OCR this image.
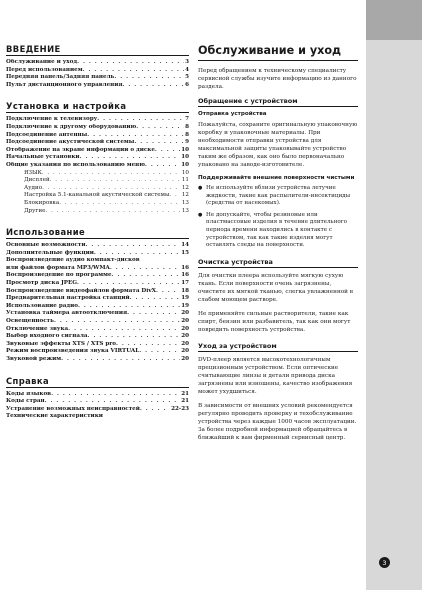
ВВЕДЕНИЕ
Обслуживание и уход . . .	3
Перед использованием . . .	4
Передняя панель/Задняя панель . . .	5
Пульт дистанционного управления . . .	6
Установка и настройка
Подключение к телевизору . . .	7
Подключение к другому оборудованию . . .	8
Подсоединение антенны . . .	8
Подсоединение акустической системы . . .	9
Отображение на экране информации о диске . . .	10
Начальные установки . . .	10
Общие указания по использованию меню . . .	10
ЯЗЫК . . .	10
Дисплей . . .	11
Аудио . . .	12
Настройка 5.1-канальной акустической системы . . . 12
Блокировка . . .	13
Другие . . .	13
Использование
Основные возможности . . .	14
Дополнительные функции . . .	15
Воспроизведение аудио компакт-дисков
или файлов формата MP3/WMA . . .	16
Воспроизведение по программе . . .	16
Просмотр диска JPEG . . .	17
Воспроизведение видеофайлов формата DivX . . .	18
Предварительная настройка станций . . .	19
Использование радио . . .	19
Установка таймера автоотключения . . .	20
Освещенность . . .	20
Отключение звука . . .	20
Выбор входного сигнала . . .	20
Звуковые эффекты XTS / XTS pro . . .	20
Режим воспроизведения звука VIRTUAL . . .	20
Звуковой режим . . .	20
Справка
Коды языков . . .	21
Коды стран . . .	21
Устранение возможных неисправностей . . .	22-23
Технические характеристики
Обслуживание и уход

Перед обращением к техническому специалисту сервисной службы изучите информацию из данного раздела.

Обращение с устройством
Отправка устройства

Пожалуйста, сохраните оригинальную упаковочную коробку и упаковочные материалы. При необходимости отправки устройства для максимальной защиты упаковывайте устройство таким же образом, как оно было первоначально упаковано на заводе-изготовителе.

Поддерживайте внешние поверхности чистыми
● Не используйте вблизи устройства летучие жидкости, такие как распылители-инсектициды (средства от насекомых).
● Не допускайте, чтобы резиновые или пластмассовые изделия в течение длительного периода времени находились в контакте с устройством, так как такие изделия могут оставлять следы на поверхности.
Очистка устройства

Для очистки плеера используйте мягкую сухую ткань. Если поверхности очень загрязнены, очистите их мягкой тканью, слегка увлажненной в слабом моющем растворе.

Не применяйте сильные растворители, такие как спирт, бензин или разбавитель, так как они могут повредить поверхность устройства.

Уход за устройством

DVD-плеер является высокотехнологичным прецизионным устройством. Если оптические считывающие линзы и детали привода диска загрязнены или изношены, качество изображения может ухудшиться.

В зависимости от внешних условий рекомендуется регулярно проводить проверку и техобслуживание устройства через каждые 1000 часов эксплуатации. За более подробной информацией обращайтесь в ближайший к вам фирменный сервисный центр.

3
